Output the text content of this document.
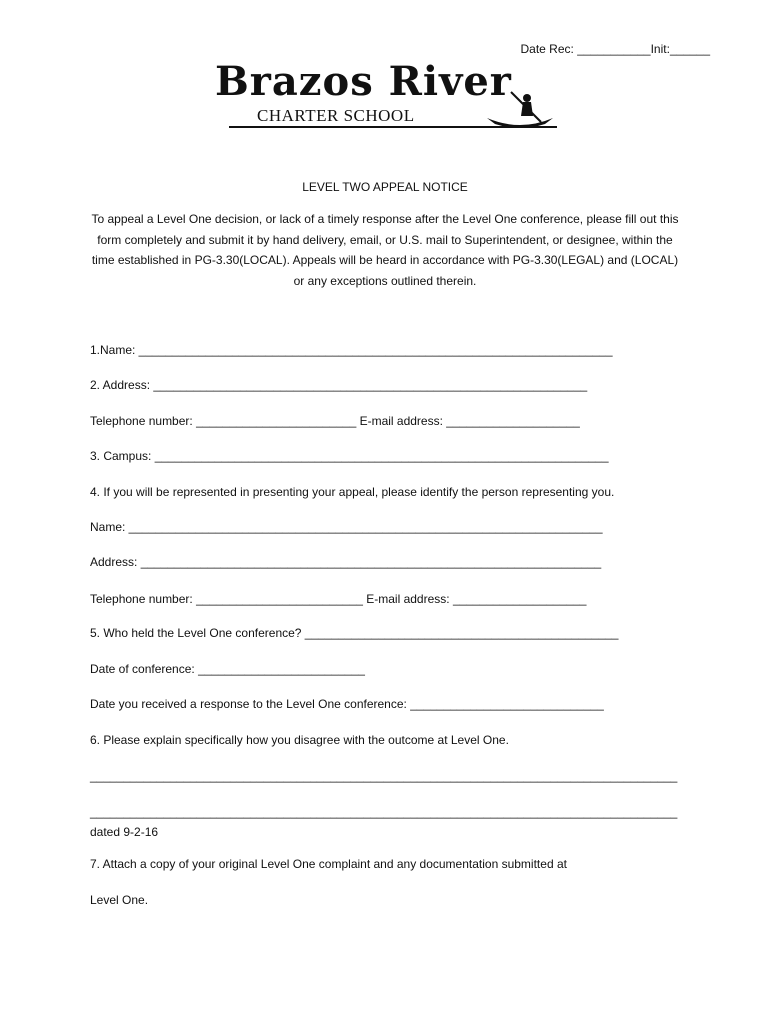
Date Rec: ___________Init:______
Brazos River
CHARTER SCHOOL
LEVEL TWO APPEAL NOTICE
To appeal a Level One decision, or lack of a timely response after the Level One conference, please fill out this form completely and submit it by hand delivery, email, or U.S. mail to Superintendent, or designee, within the time established in PG-3.30(LOCAL). Appeals will be heard in accordance with PG-3.30(LEGAL) and (LOCAL) or any exceptions outlined therein.
1.Name: _______________________________________________________________________
2. Address: _________________________________________________________________
Telephone number: ________________________ E-mail address: ____________________
3. Campus: ____________________________________________________________________
4. If you will be represented in presenting your appeal, please identify the person representing you.
Name: _______________________________________________________________________
Address: _____________________________________________________________________
Telephone number: _________________________ E-mail address: ____________________
5. Who held the Level One conference? _______________________________________________
Date of conference: _________________________
Date you received a response to the Level One conference: _____________________________
6. Please explain specifically how you disagree with the outcome at Level One.
________________________________________________________________________________________
________________________________________________________________________________________
dated 9-2-16
7. Attach a copy of your original Level One complaint and any documentation submitted at
Level One.
